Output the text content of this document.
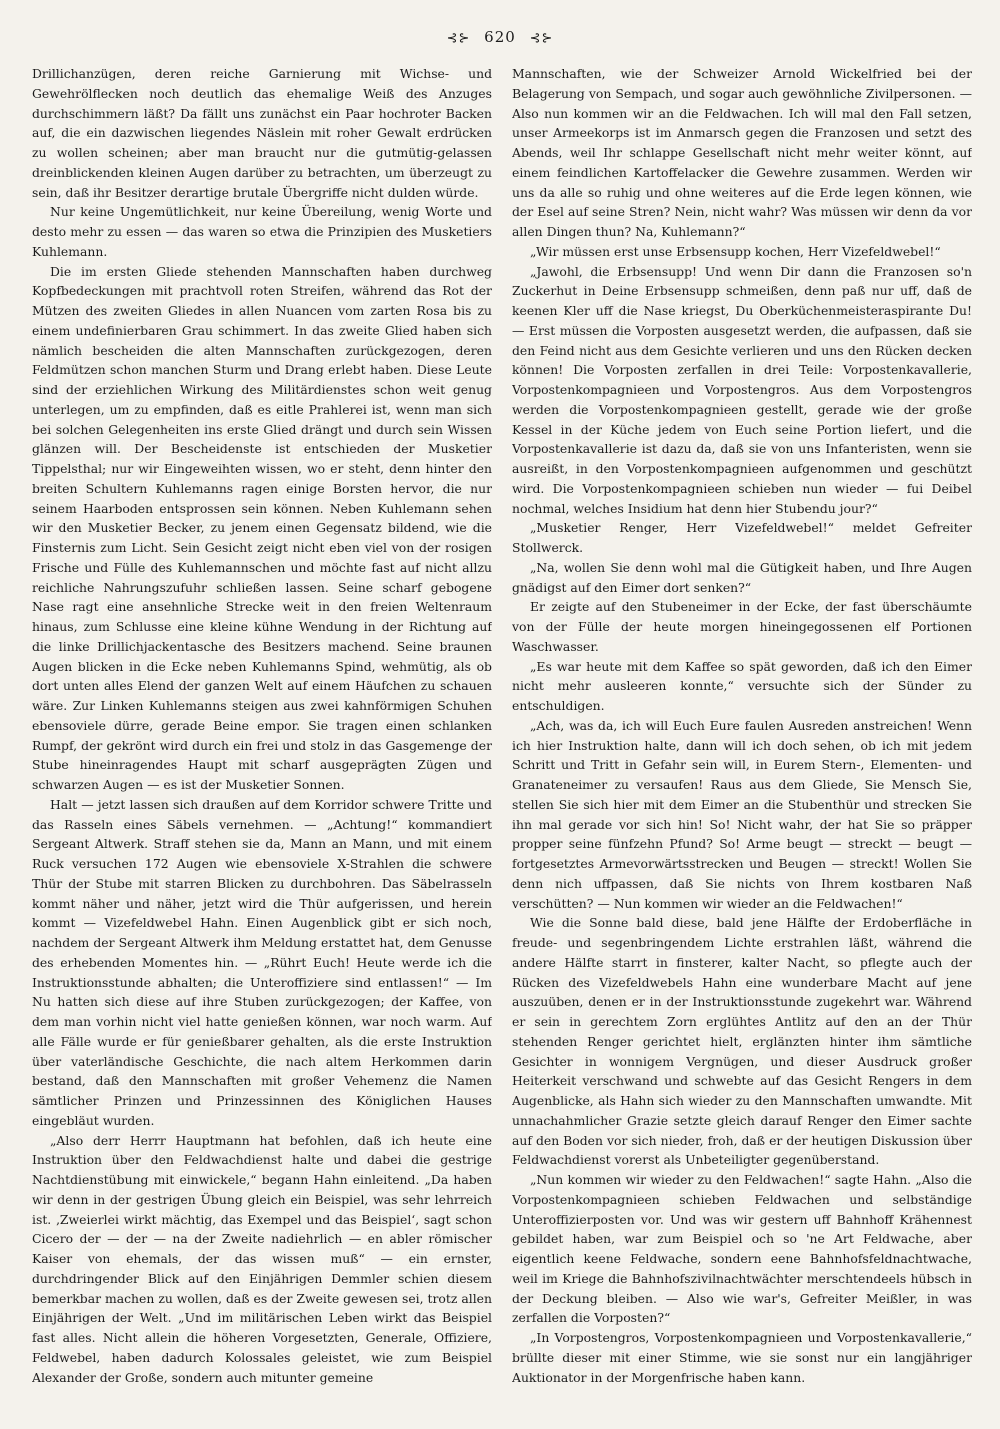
⊰⊱ 620 ⊰⊱

Drillichanzügen, deren reiche Garnierung mit Wichse- und Gewehrölflecken noch deutlich das ehemalige Weiß des Anzuges durchschimmern läßt? Da fällt uns zunächst ein Paar hochroter Backen auf, die ein dazwischen liegendes Näslein mit roher Gewalt erdrücken zu wollen scheinen; aber man braucht nur die gutmütig-gelassen dreinblickenden kleinen Augen darüber zu betrachten, um überzeugt zu sein, daß ihr Besitzer derartige brutale Übergriffe nicht dulden würde.

Nur keine Ungemütlichkeit, nur keine Übereilung, wenig Worte und desto mehr zu essen — das waren so etwa die Prinzipien des Musketiers Kuhlemann.

Die im ersten Gliede stehenden Mannschaften haben durchweg Kopfbedeckungen mit prachtvoll roten Streifen, während das Rot der Mützen des zweiten Gliedes in allen Nuancen vom zarten Rosa bis zu einem undefinierbaren Grau schimmert. In das zweite Glied haben sich nämlich bescheiden die alten Mannschaften zurückgezogen, deren Feldmützen schon manchen Sturm und Drang erlebt haben. Diese Leute sind der erziehlichen Wirkung des Militärdienstes schon weit genug unterlegen, um zu empfinden, daß es eitle Prahlerei ist, wenn man sich bei solchen Gelegenheiten ins erste Glied drängt und durch sein Wissen glänzen will. Der Bescheidenste ist entschieden der Musketier Tippelsthal; nur wir Eingeweihten wissen, wo er steht, denn hinter den breiten Schultern Kuhlemanns ragen einige Borsten hervor, die nur seinem Haarboden entsprossen sein können. Neben Kuhlemann sehen wir den Musketier Becker, zu jenem einen Gegensatz bildend, wie die Finsternis zum Licht. Sein Gesicht zeigt nicht eben viel von der rosigen Frische und Fülle des Kuhlemannschen und möchte fast auf nicht allzu reichliche Nahrungszufuhr schließen lassen. Seine scharf gebogene Nase ragt eine ansehnliche Strecke weit in den freien Weltenraum hinaus, zum Schlusse eine kleine kühne Wendung in der Richtung auf die linke Drillichjackentasche des Besitzers machend. Seine braunen Augen blicken in die Ecke neben Kuhlemanns Spind, wehmütig, als ob dort unten alles Elend der ganzen Welt auf einem Häufchen zu schauen wäre. Zur Linken Kuhlemanns steigen aus zwei kahnförmigen Schuhen ebensoviele dürre, gerade Beine empor. Sie tragen einen schlanken Rumpf, der gekrönt wird durch ein frei und stolz in das Gasgemenge der Stube hineinragendes Haupt mit scharf ausgeprägten Zügen und schwarzen Augen — es ist der Musketier Sonnen.

Halt — jetzt lassen sich draußen auf dem Korridor schwere Tritte und das Rasseln eines Säbels vernehmen. — „Achtung!“ kommandiert Sergeant Altwerk. Straff stehen sie da, Mann an Mann, und mit einem Ruck versuchen 172 Augen wie ebensoviele X-Strahlen die schwere Thür der Stube mit starren Blicken zu durchbohren. Das Säbelrasseln kommt näher und näher, jetzt wird die Thür aufgerissen, und herein kommt — Vizefeldwebel Hahn. Einen Augenblick gibt er sich noch, nachdem der Sergeant Altwerk ihm Meldung erstattet hat, dem Genusse des erhebenden Momentes hin. — „Rührt Euch! Heute werde ich die Instruktionsstunde abhalten; die Unteroffiziere sind entlassen!“ — Im Nu hatten sich diese auf ihre Stuben zurückgezogen; der Kaffee, von dem man vorhin nicht viel hatte genießen können, war noch warm. Auf alle Fälle wurde er für genießbarer gehalten, als die erste Instruktion über vaterländische Geschichte, die nach altem Herkommen darin bestand, daß den Mannschaften mit großer Vehemenz die Namen sämtlicher Prinzen und Prinzessinnen des Königlichen Hauses eingebläut wurden.

„Also derr Herrr Hauptmann hat befohlen, daß ich heute eine Instruktion über den Feldwachdienst halte und dabei die gestrige Nachtdienstübung mit einwickele,“ begann Hahn einleitend. „Da haben wir denn in der gestrigen Übung gleich ein Beispiel, was sehr lehrreich ist. ‚Zweierlei wirkt mächtig, das Exempel und das Beispiel‘, sagt schon Cicero der — der — na der Zweite nadiehrlich — en abler römischer Kaiser von ehemals, der das wissen muß“ — ein ernster, durchdringender Blick auf den Einjährigen Demmler schien diesem bemerkbar machen zu wollen, daß es der Zweite gewesen sei, trotz allen Einjährigen der Welt. „Und im militärischen Leben wirkt das Beispiel fast alles. Nicht allein die höheren Vorgesetzten, Generale, Offiziere, Feldwebel, haben dadurch Kolossales geleistet, wie zum Beispiel Alexander der Große, sondern auch mitunter gemeine

Mannschaften, wie der Schweizer Arnold Wickelfried bei der Belagerung von Sempach, und sogar auch gewöhnliche Zivilpersonen. — Also nun kommen wir an die Feldwachen. Ich will mal den Fall setzen, unser Armeekorps ist im Anmarsch gegen die Franzosen und setzt des Abends, weil Ihr schlappe Gesellschaft nicht mehr weiter könnt, auf einem feindlichen Kartoffelacker die Gewehre zusammen. Werden wir uns da alle so ruhig und ohne weiteres auf die Erde legen können, wie der Esel auf seine Stren? Nein, nicht wahr? Was müssen wir denn da vor allen Dingen thun? Na, Kuhlemann?“

„Wir müssen erst unse Erbsensupp kochen, Herr Vizefeldwebel!“

„Jawohl, die Erbsensupp! Und wenn Dir dann die Franzosen so'n Zuckerhut in Deine Erbsensupp schmeißen, denn paß nur uff, daß de keenen Kler uff die Nase kriegst, Du Oberküchenmeisteraspirante Du! — Erst müssen die Vorposten ausgesetzt werden, die aufpassen, daß sie den Feind nicht aus dem Gesichte verlieren und uns den Rücken decken können! Die Vorposten zerfallen in drei Teile: Vorpostenkavallerie, Vorpostenkompagnieen und Vorpostengros. Aus dem Vorpostengros werden die Vorpostenkompagnieen gestellt, gerade wie der große Kessel in der Küche jedem von Euch seine Portion liefert, und die Vorpostenkavallerie ist dazu da, daß sie von uns Infanteristen, wenn sie ausreißt, in den Vorpostenkompagnieen aufgenommen und geschützt wird. Die Vorpostenkompagnieen schieben nun wieder — fui Deibel nochmal, welches Insidium hat denn hier Stubendu jour?“

„Musketier Renger, Herr Vizefeldwebel!“ meldet Gefreiter Stollwerck.

„Na, wollen Sie denn wohl mal die Gütigkeit haben, und Ihre Augen gnädigst auf den Eimer dort senken?“

Er zeigte auf den Stubeneimer in der Ecke, der fast überschäumte von der Fülle der heute morgen hineingegossenen elf Portionen Waschwasser.

„Es war heute mit dem Kaffee so spät geworden, daß ich den Eimer nicht mehr ausleeren konnte,“ versuchte sich der Sünder zu entschuldigen.

„Ach, was da, ich will Euch Eure faulen Ausreden anstreichen! Wenn ich hier Instruktion halte, dann will ich doch sehen, ob ich mit jedem Schritt und Tritt in Gefahr sein will, in Eurem Stern-, Elementen- und Granateneimer zu versaufen! Raus aus dem Gliede, Sie Mensch Sie, stellen Sie sich hier mit dem Eimer an die Stubenthür und strecken Sie ihn mal gerade vor sich hin! So! Nicht wahr, der hat Sie so präpper propper seine fünfzehn Pfund? So! Arme beugt — streckt — beugt — fortgesetztes Armevorwärtsstrecken und Beugen — streckt! Wollen Sie denn nich uffpassen, daß Sie nichts von Ihrem kostbaren Naß verschütten? — Nun kommen wir wieder an die Feldwachen!“

Wie die Sonne bald diese, bald jene Hälfte der Erdoberfläche in freude- und segenbringendem Lichte erstrahlen läßt, während die andere Hälfte starrt in finsterer, kalter Nacht, so pflegte auch der Rücken des Vizefeldwebels Hahn eine wunderbare Macht auf jene auszuüben, denen er in der Instruktionsstunde zugekehrt war. Während er sein in gerechtem Zorn erglühtes Antlitz auf den an der Thür stehenden Renger gerichtet hielt, erglänzten hinter ihm sämtliche Gesichter in wonnigem Vergnügen, und dieser Ausdruck großer Heiterkeit verschwand und schwebte auf das Gesicht Rengers in dem Augenblicke, als Hahn sich wieder zu den Mannschaften umwandte. Mit unnachahmlicher Grazie setzte gleich darauf Renger den Eimer sachte auf den Boden vor sich nieder, froh, daß er der heutigen Diskussion über Feldwachdienst vorerst als Unbeteiligter gegenüberstand.

„Nun kommen wir wieder zu den Feldwachen!“ sagte Hahn. „Also die Vorpostenkompagnieen schieben Feldwachen und selbständige Unteroffizierposten vor. Und was wir gestern uff Bahnhoff Krähennest gebildet haben, war zum Beispiel och so 'ne Art Feldwache, aber eigentlich keene Feldwache, sondern eene Bahnhofsfeldnachtwache, weil im Kriege die Bahnhofszivilnachtwächter merschtendeels hübsch in der Deckung bleiben. — Also wie war's, Gefreiter Meißler, in was zerfallen die Vorposten?“

„In Vorpostengros, Vorpostenkompagnieen und Vorpostenkavallerie,“ brüllte dieser mit einer Stimme, wie sie sonst nur ein langjähriger Auktionator in der Morgenfrische haben kann.
